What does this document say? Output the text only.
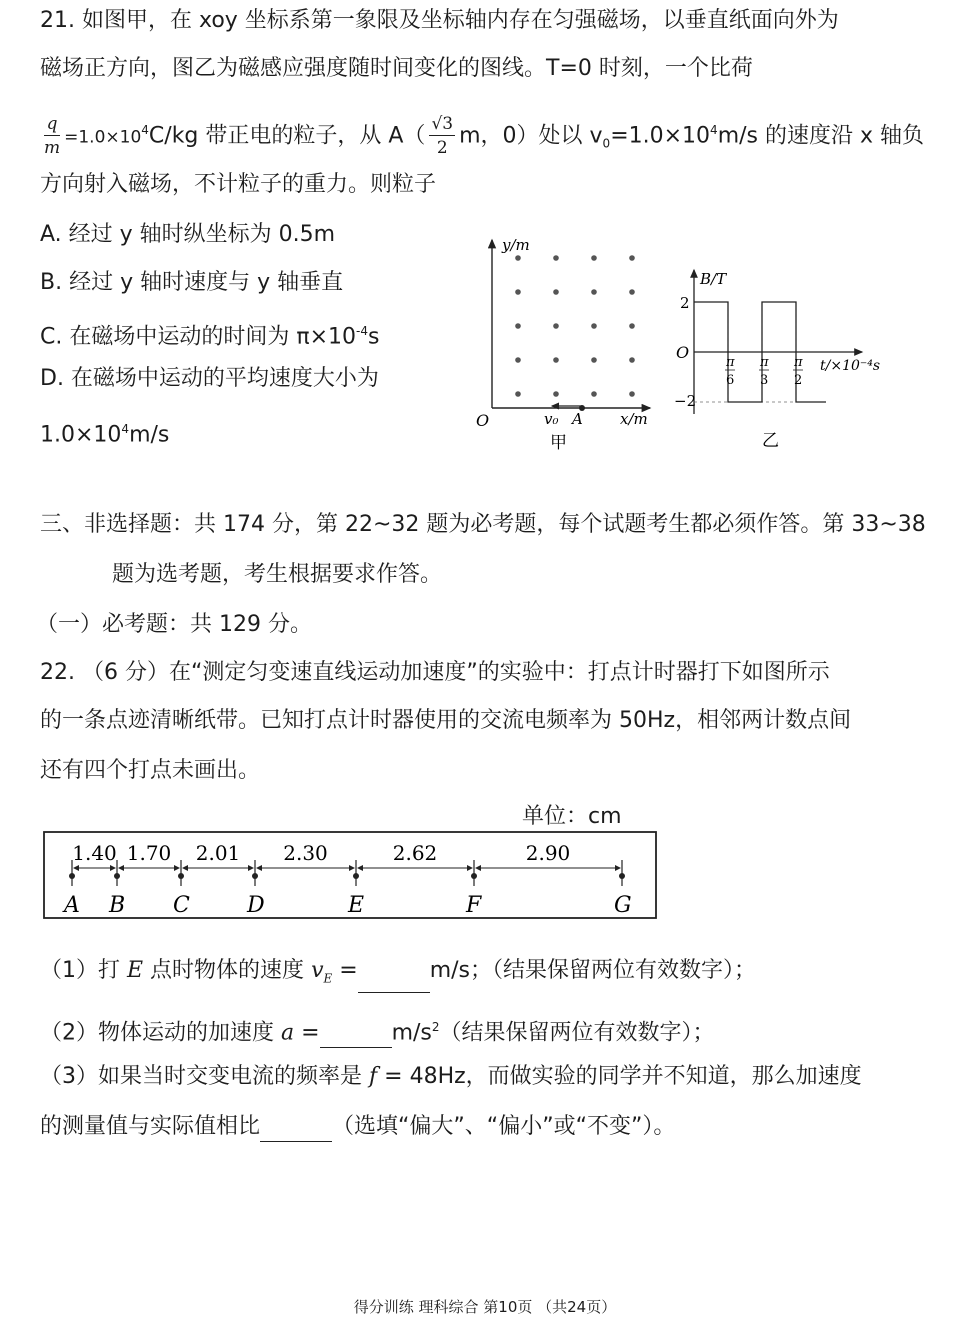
21. 如图甲，在 xoy 坐标系第一象限及坐标轴内存在匀强磁场，以垂直纸面向外为
磁场正方向，图乙为磁感应强度随时间变化的图线。T=0 时刻，一个比荷
$\frac{q}{m} =1.0\times 10^4C/kg$ 带正电的粒子，从 $A( \frac{√3}{2}$ m，0）处以 $v_0=1.0\times 10^4m/s$ 的速度沿 x 轴负
方向射入磁场，不计粒子的重力。则粒子
A. 经过 y 轴时纵坐标为 0.5m
B. 经过 y 轴时速度与 y 轴垂直
C. 在磁场中运动的时间为 $\pi\times 10^{-4}s$
D. 在磁场中运动的平均速度大小为
$1.0\times 10^4m/s$
y/m
x/m
O	v₀ A
甲
B/T
t/×10⁻⁴s
O
2
−2
π
6
π
3
π
2
乙
三、非选择题：共 174 分，第 22~32 题为必考题，每个试题考生都必须作答。第 33~38
题为选考题，考生根据要求作答。
（一）必考题：共 129 分。
22. （6 分）在“测定匀变速直线运动加速度”的实验中：打点计时器打下如图所示
的一条点迹清晰纸带。已知打点计时器使用的交流电频率为 50Hz，相邻两计数点间
还有四个打点未画出。
单位：cm
1.40 1.70 2.01 2.30	2.62	2.90
A B C	D	E	F	G
（1）打 E 点时物体的速度 $v_E$ =	m/s；（结果保留两位有效数字）；
（2）物体运动的加速度 a =	$m/s^2$（结果保留两位有效数字）；
（3）如果当时交变电流的频率是 f = 48Hz，而做实验的同学并不知道，那么加速度
的测量值与实际值相比	（选填“偏大”、“偏小”或“不变”）。
得分训练 理科综合 第10页 （共24页）
